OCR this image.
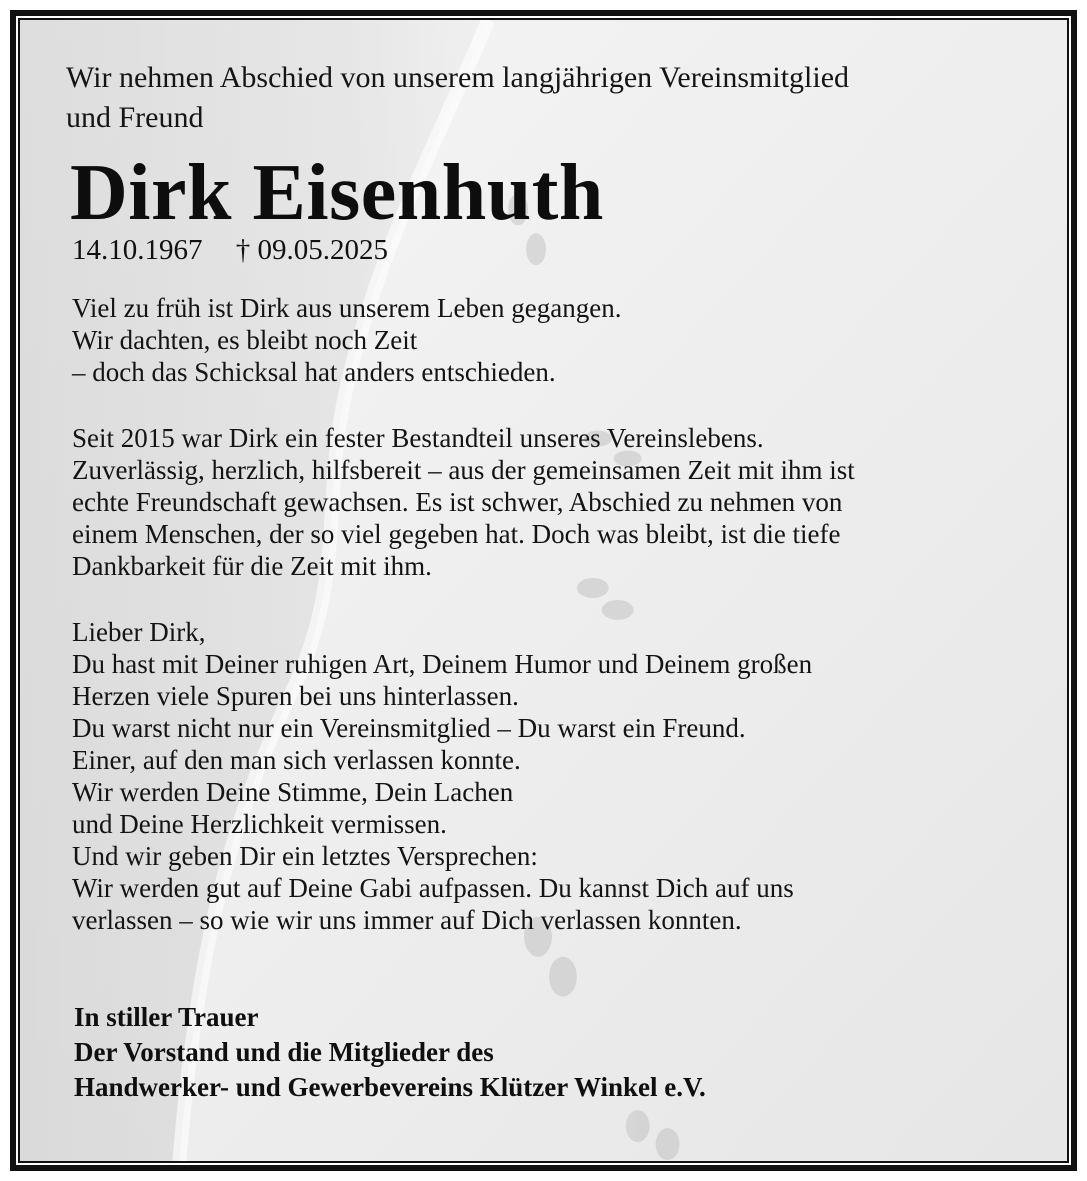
Wir nehmen Abschied von unserem langjährigen Vereinsmitglied
und Freund
Dirk Eisenhuth
14.10.1967 † 09.05.2025
Viel zu früh ist Dirk aus unserem Leben gegangen.
Wir dachten, es bleibt noch Zeit
– doch das Schicksal hat anders entschieden.
Seit 2015 war Dirk ein fester Bestandteil unseres Vereinslebens.
Zuverlässig, herzlich, hilfsbereit – aus der gemeinsamen Zeit mit ihm ist
echte Freundschaft gewachsen. Es ist schwer, Abschied zu nehmen von
einem Menschen, der so viel gegeben hat. Doch was bleibt, ist die tiefe
Dankbarkeit für die Zeit mit ihm.
Lieber Dirk,
Du hast mit Deiner ruhigen Art, Deinem Humor und Deinem großen
Herzen viele Spuren bei uns hinterlassen.
Du warst nicht nur ein Vereinsmitglied – Du warst ein Freund.
Einer, auf den man sich verlassen konnte.
Wir werden Deine Stimme, Dein Lachen
und Deine Herzlichkeit vermissen.
Und wir geben Dir ein letztes Versprechen:
Wir werden gut auf Deine Gabi aufpassen. Du kannst Dich auf uns
verlassen – so wie wir uns immer auf Dich verlassen konnten.
In stiller Trauer
Der Vorstand und die Mitglieder des
Handwerker- und Gewerbevereins Klützer Winkel e.V.
